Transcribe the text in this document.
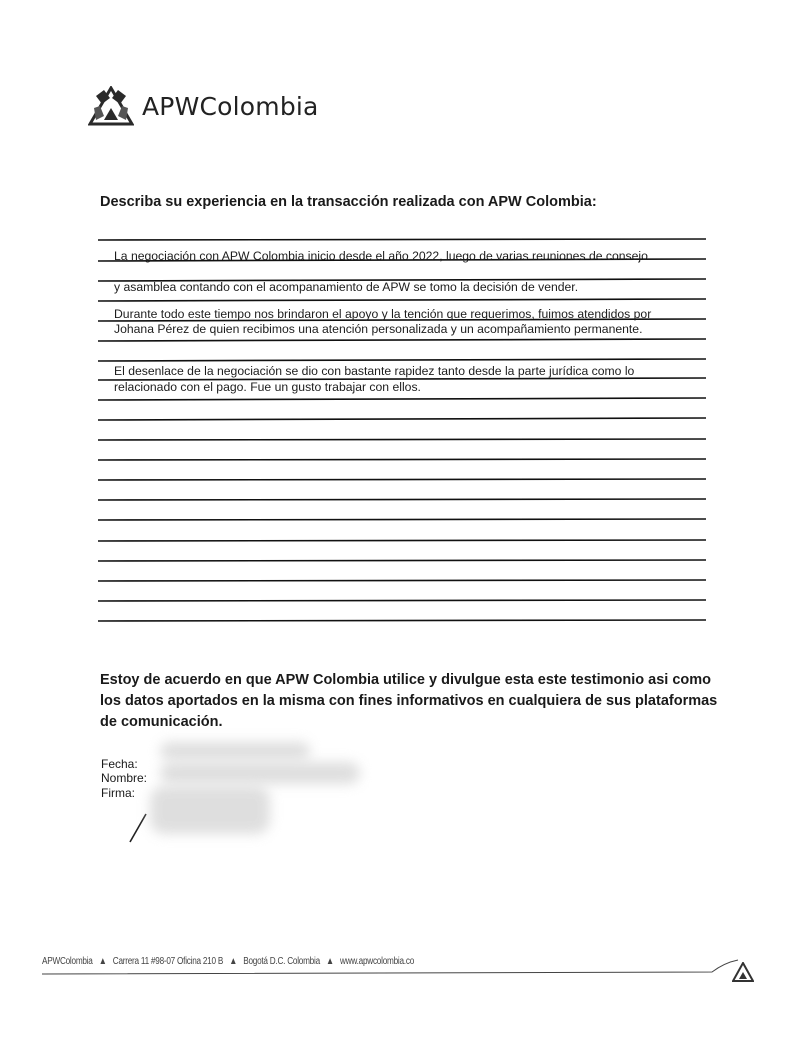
APWColombia
Describa su experiencia en la transacción realizada con APW Colombia:
La negociación con APW Colombia inicio desde el año 2022, luego de varias reuniones de consejo
y asamblea contando con el acompanamiento de APW se tomo la decisión de vender.
Durante todo este tiempo nos brindaron el apoyo y la tención que requerimos, fuimos atendidos por
Johana Pérez de quien recibimos una atención personalizada y un acompañamiento permanente.
El desenlace de la negociación se dio con bastante rapidez tanto desde la parte jurídica como lo
relacionado con el pago. Fue un gusto trabajar con ellos.
Estoy de acuerdo en que APW Colombia utilice y divulgue esta este testimonio asi como los datos aportados en la misma con fines informativos en cualquiera de sus plataformas de comunicación.
Fecha:
Nombre:
Firma:
APWColombia ▲ Carrera 11 #98-07 Oficina 210 B ▲ Bogotá D.C. Colombia ▲ www.apwcolombia.co
